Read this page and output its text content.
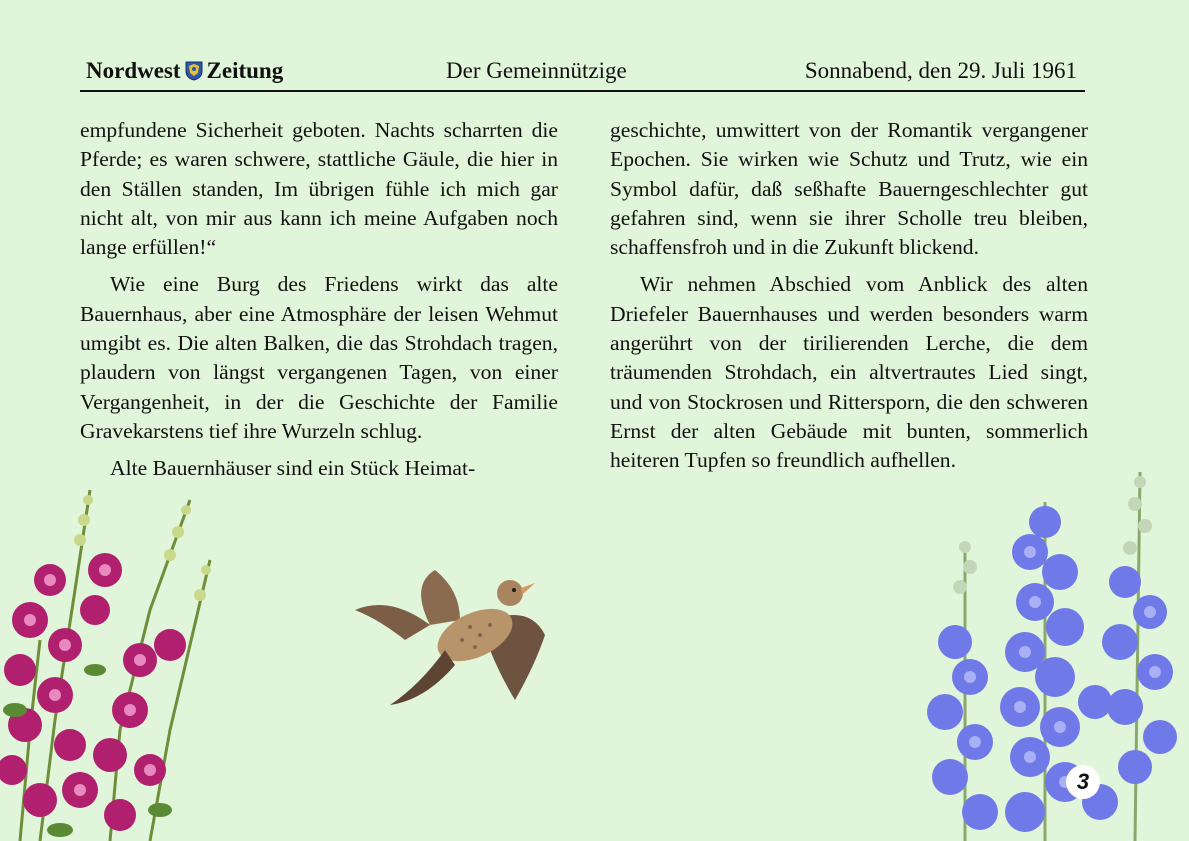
Nordwest Zeitung	Der Gemeinnützige	Sonnabend, den 29. Juli 1961

empfundene Sicherheit geboten. Nachts scharrten die Pferde; es waren schwere, stattliche Gäule, die hier in den Ställen standen, Im übrigen fühle ich mich gar nicht alt, von mir aus kann ich meine Aufgaben noch lange erfüllen!“

Wie eine Burg des Friedens wirkt das alte Bauernhaus, aber eine Atmosphäre der leisen Wehmut umgibt es. Die alten Balken, die das Strohdach tragen, plaudern von längst vergangenen Tagen, von einer Vergangenheit, in der die Geschichte der Familie Gravekarstens tief ihre Wurzeln schlug.

Alte Bauernhäuser sind ein Stück Heimat-

geschichte, umwittert von der Romantik vergangener Epochen. Sie wirken wie Schutz und Trutz, wie ein Symbol dafür, daß seßhafte Bauerngeschlechter gut gefahren sind, wenn sie ihrer Scholle treu bleiben, schaffensfroh und in die Zukunft blickend.

Wir nehmen Abschied vom Anblick des alten Driefeler Bauernhauses und werden besonders warm angerührt von der tirilierenden Lerche, die dem träumenden Strohdach, ein altvertrautes Lied singt, und von Stockrosen und Rittersporn, die den schweren Ernst der alten Gebäude mit bunten, sommerlich heiteren Tupfen so freundlich aufhellen.

3
